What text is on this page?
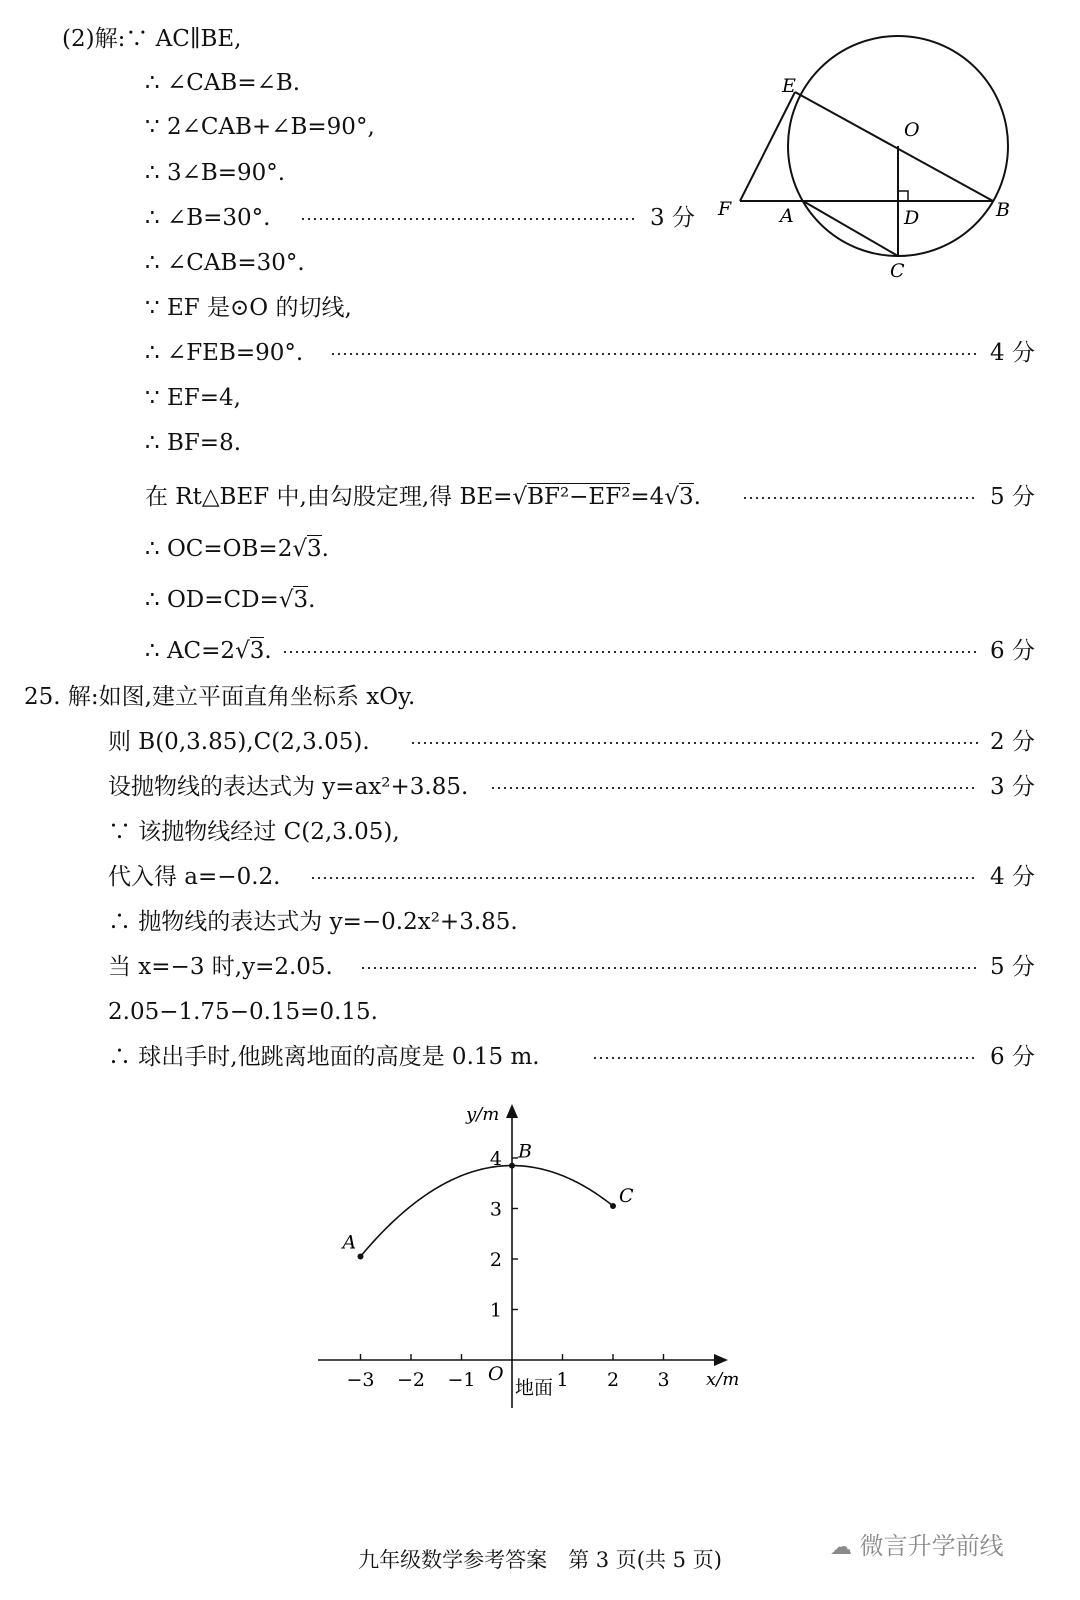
(2)解:∵ AC∥BE,
∴ ∠CAB=∠B.
∵ 2∠CAB+∠B=90°,
∴ 3∠B=90°.
∴ ∠B=30°.	3 分
∴ ∠CAB=30°.
∵ EF 是⊙O 的切线,
∴ ∠FEB=90°.	4 分
∵ EF=4,
∴ BF=8.
在 Rt△BEF 中,由勾股定理,得 BE=√BF²−EF²=4√3.	5 分
∴ OC=OB=2√3.
∴ OD=CD=√3.
∴ AC=2√3.	6 分
E
O
F	A	D	B
C
25. 解:如图,建立平面直角坐标系 xOy.
则 B(0,3.85),C(2,3.05).	2 分
设抛物线的表达式为 y=ax²+3.85.	3 分
∵ 该抛物线经过 C(2,3.05),
代入得 a=−0.2.	4 分
∴ 抛物线的表达式为 y=−0.2x²+3.85.
当 x=−3 时,y=2.05.	5 分
2.05−1.75−0.15=0.15.
∴ 球出手时,他跳离地面的高度是 0.15 m.	6 分
y/m
x/m
O
地面
−3 −2 −1	1 2 3
1
2
3
4
A
B
C
九年级数学参考答案　第 3 页(共 5 页)	☁ 微言升学前线
